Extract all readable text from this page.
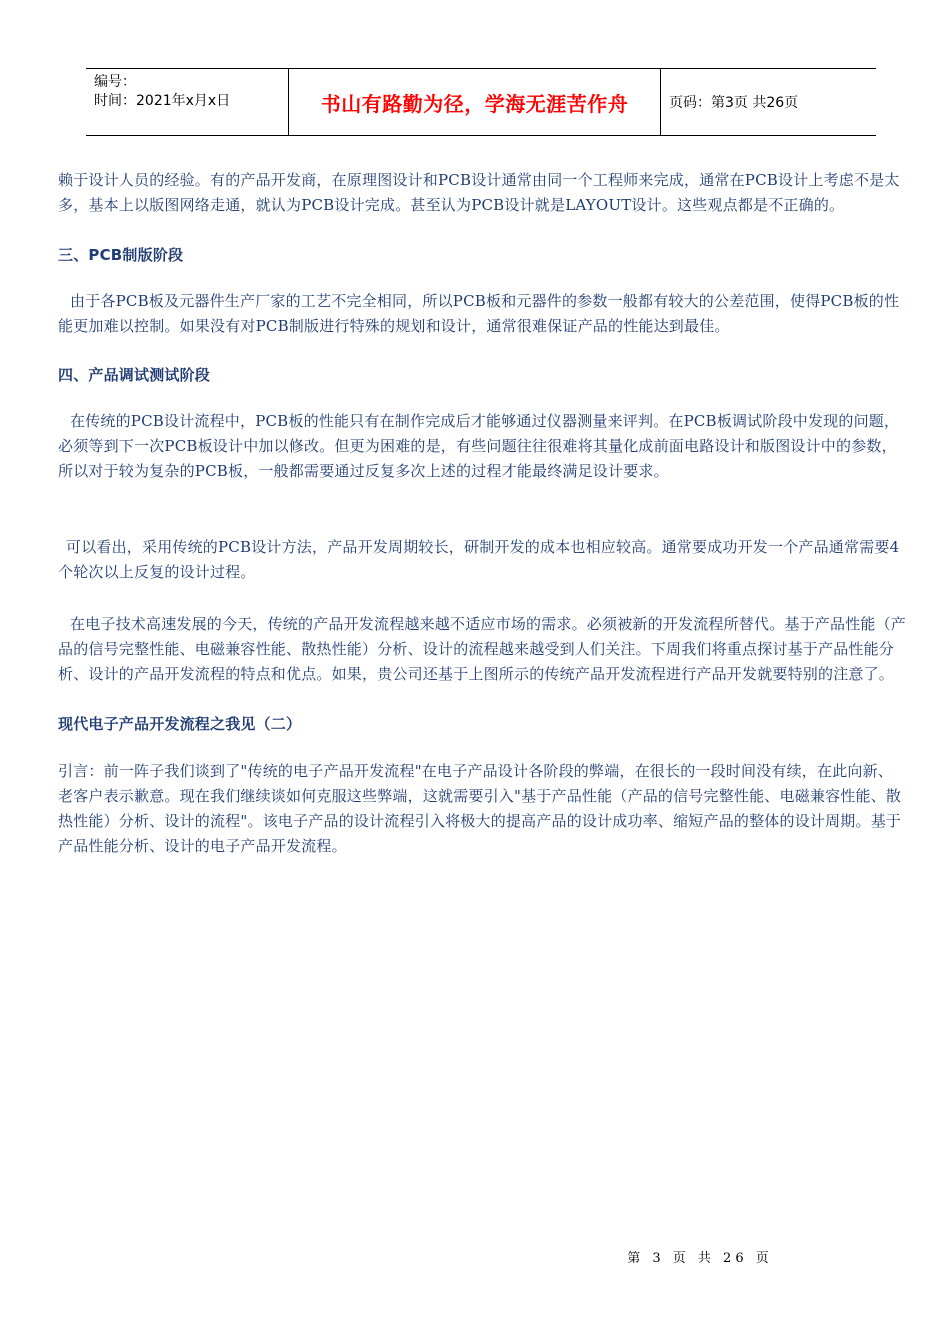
编号：
时间：2021年x月x日	书山有路勤为径，学海无涯苦作舟	页码：第3页 共26页

赖于设计人员的经验。有的产品开发商，在原理图设计和PCB设计通常由同一个工程师来完成，通常在PCB设计上考虑不是太多，基本上以版图网络走通，就认为PCB设计完成。甚至认为PCB设计就是LAYOUT设计。这些观点都是不正确的。

三、PCB制版阶段

由于各PCB板及元器件生产厂家的工艺不完全相同，所以PCB板和元器件的参数一般都有较大的公差范围，使得PCB板的性能更加难以控制。如果没有对PCB制版进行特殊的规划和设计，通常很难保证产品的性能达到最佳。

四、产品调试测试阶段

在传统的PCB设计流程中，PCB板的性能只有在制作完成后才能够通过仪器测量来评判。在PCB板调试阶段中发现的问题，必须等到下一次PCB板设计中加以修改。但更为困难的是，有些问题往往很难将其量化成前面电路设计和版图设计中的参数，所以对于较为复杂的PCB板，一般都需要通过反复多次上述的过程才能最终满足设计要求。

可以看出，采用传统的PCB设计方法，产品开发周期较长，研制开发的成本也相应较高。通常要成功开发一个产品通常需要4个轮次以上反复的设计过程。

在电子技术高速发展的今天，传统的产品开发流程越来越不适应市场的需求。必须被新的开发流程所替代。基于产品性能（产品的信号完整性能、电磁兼容性能、散热性能）分析、设计的流程越来越受到人们关注。下周我们将重点探讨基于产品性能分析、设计的产品开发流程的特点和优点。如果，贵公司还基于上图所示的传统产品开发流程进行产品开发就要特别的注意了。

现代电子产品开发流程之我见（二）

引言：前一阵子我们谈到了"传统的电子产品开发流程"在电子产品设计各阶段的弊端，在很长的一段时间没有续，在此向新、老客户表示歉意。现在我们继续谈如何克服这些弊端，这就需要引入"基于产品性能（产品的信号完整性能、电磁兼容性能、散热性能）分析、设计的流程"。该电子产品的设计流程引入将极大的提高产品的设计成功率、缩短产品的整体的设计周期。基于产品性能分析、设计的电子产品开发流程。

第 3 页 共 26 页
